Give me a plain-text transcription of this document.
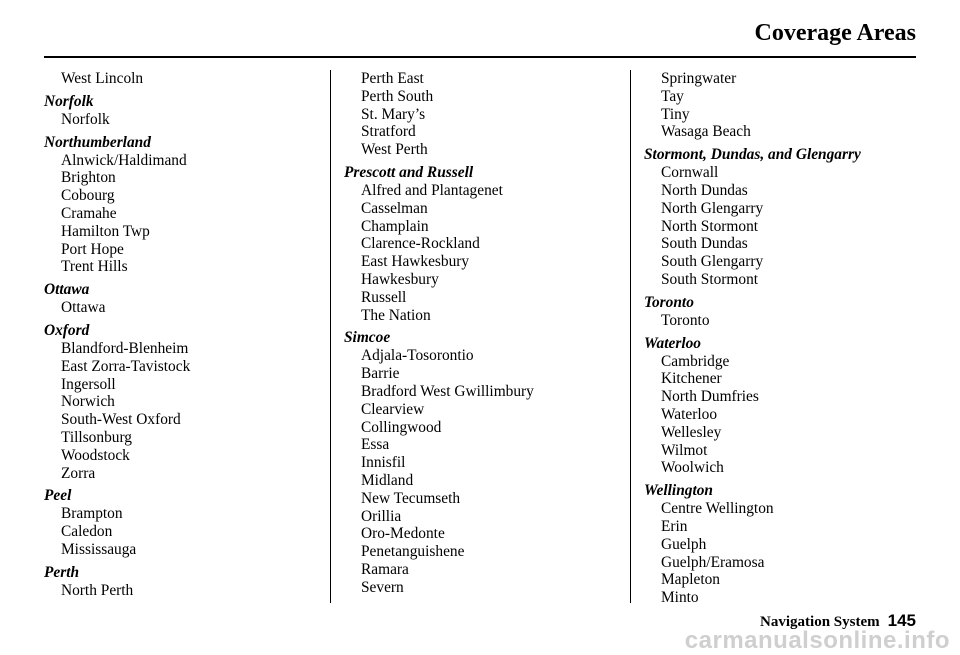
Coverage Areas
West Lincoln
Norfolk
Norfolk
Northumberland
Alnwick/Haldimand
Brighton
Cobourg
Cramahe
Hamilton Twp
Port Hope
Trent Hills
Ottawa
Ottawa
Oxford
Blandford-Blenheim
East Zorra-Tavistock
Ingersoll
Norwich
South-West Oxford
Tillsonburg
Woodstock
Zorra
Peel
Brampton
Caledon
Mississauga
Perth
North Perth
Perth East
Perth South
St. Mary’s
Stratford
West Perth
Prescott and Russell
Alfred and Plantagenet
Casselman
Champlain
Clarence-Rockland
East Hawkesbury
Hawkesbury
Russell
The Nation
Simcoe
Adjala-Tosorontio
Barrie
Bradford West Gwillimbury
Clearview
Collingwood
Essa
Innisfil
Midland
New Tecumseth
Orillia
Oro-Medonte
Penetanguishene
Ramara
Severn
Springwater
Tay
Tiny
Wasaga Beach
Stormont, Dundas, and Glengarry
Cornwall
North Dundas
North Glengarry
North Stormont
South Dundas
South Glengarry
South Stormont
Toronto
Toronto
Waterloo
Cambridge
Kitchener
North Dumfries
Waterloo
Wellesley
Wilmot
Woolwich
Wellington
Centre Wellington
Erin
Guelph
Guelph/Eramosa
Mapleton
Minto
Navigation System 145
carmanualsonline.info
